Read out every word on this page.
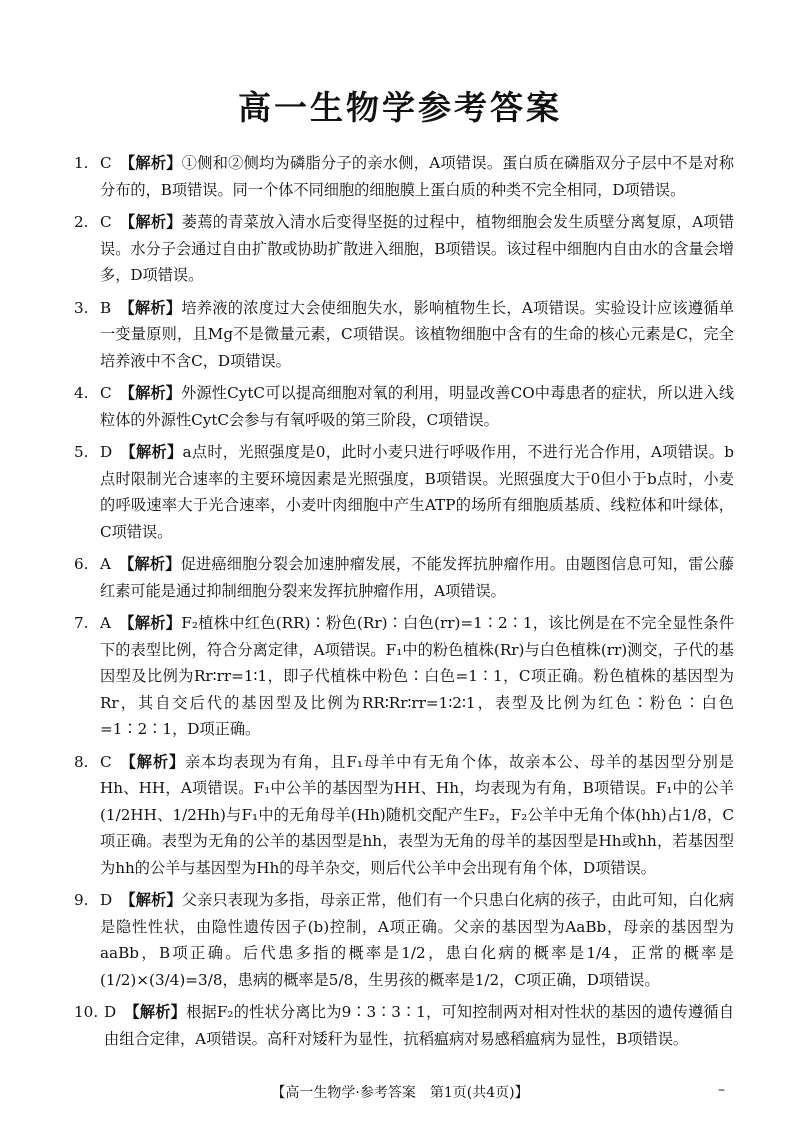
高一生物学参考答案
1. C 【解析】①侧和②侧均为磷脂分子的亲水侧，A项错误。蛋白质在磷脂双分子层中不是对称分布的，B项错误。同一个体不同细胞的细胞膜上蛋白质的种类不完全相同，D项错误。
2. C 【解析】萎蔫的青菜放入清水后变得坚挺的过程中，植物细胞会发生质壁分离复原，A项错误。水分子会通过自由扩散或协助扩散进入细胞，B项错误。该过程中细胞内自由水的含量会增多，D项错误。
3. B 【解析】培养液的浓度过大会使细胞失水，影响植物生长，A项错误。实验设计应该遵循单一变量原则，且Mg不是微量元素，C项错误。该植物细胞中含有的生命的核心元素是C，完全培养液中不含C，D项错误。
4. C 【解析】外源性CytC可以提高细胞对氧的利用，明显改善CO中毒患者的症状，所以进入线粒体的外源性CytC会参与有氧呼吸的第三阶段，C项错误。
5. D 【解析】a点时，光照强度是0，此时小麦只进行呼吸作用，不进行光合作用，A项错误。b点时限制光合速率的主要环境因素是光照强度，B项错误。光照强度大于0但小于b点时，小麦的呼吸速率大于光合速率，小麦叶肉细胞中产生ATP的场所有细胞质基质、线粒体和叶绿体，C项错误。
6. A 【解析】促进癌细胞分裂会加速肿瘤发展，不能发挥抗肿瘤作用。由题图信息可知，雷公藤红素可能是通过抑制细胞分裂来发挥抗肿瘤作用，A项错误。
7. A 【解析】F₂植株中红色(RR)∶粉色(Rr)∶白色(rr)=1∶2∶1，该比例是在不完全显性条件下的表型比例，符合分离定律，A项错误。F₁中的粉色植株(Rr)与白色植株(rr)测交，子代的基因型及比例为Rr∶rr=1∶1，即子代植株中粉色∶白色=1∶1，C项正确。粉色植株的基因型为Rr，其自交后代的基因型及比例为RR∶Rr∶rr=1∶2∶1，表型及比例为红色∶粉色∶白色=1∶2∶1，D项正确。
8. C 【解析】亲本均表现为有角，且F₁母羊中有无角个体，故亲本公、母羊的基因型分别是Hh、HH，A项错误。F₁中公羊的基因型为HH、Hh，均表现为有角，B项错误。F₁中的公羊(1/2HH、1/2Hh)与F₁中的无角母羊(Hh)随机交配产生F₂，F₂公羊中无角个体(hh)占1/8，C项正确。表型为无角的公羊的基因型是hh，表型为无角的母羊的基因型是Hh或hh，若基因型为hh的公羊与基因型为Hh的母羊杂交，则后代公羊中会出现有角个体，D项错误。
9. D 【解析】父亲只表现为多指，母亲正常，他们有一个只患白化病的孩子，由此可知，白化病是隐性性状，由隐性遗传因子(b)控制，A项正确。父亲的基因型为AaBb，母亲的基因型为aaBb，B项正确。后代患多指的概率是1/2，患白化病的概率是1/4，正常的概率是(1/2)×(3/4)=3/8，患病的概率是5/8，生男孩的概率是1/2，C项正确，D项错误。
10. D 【解析】根据F₂的性状分离比为9∶3∶3∶1，可知控制两对相对性状的基因的遗传遵循自由组合定律，A项错误。高秆对矮秆为显性，抗稻瘟病对易感稻瘟病为显性，B项错误。
【高一生物学·参考答案　第1页(共4页)】	–
